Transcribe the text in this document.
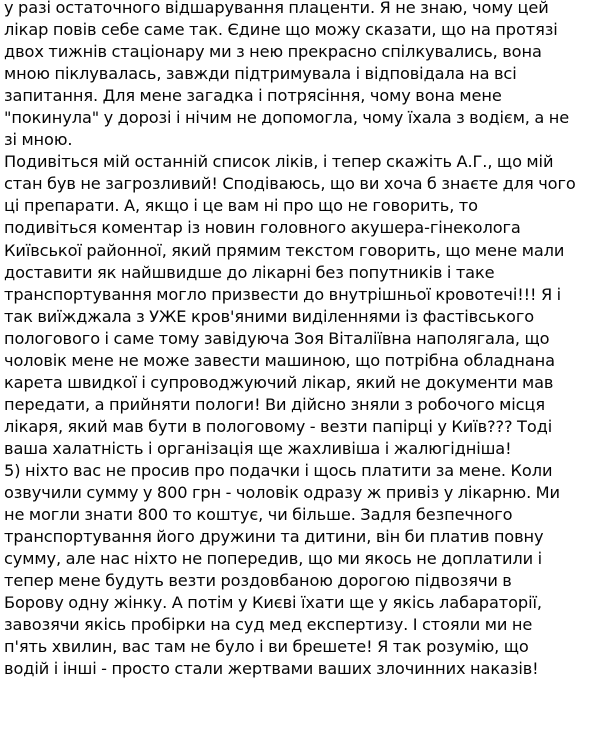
у разі остаточного відшарування плаценти. Я не знаю, чому цей
лікар повів себе саме так. Єдине що можу сказати, що на протязі
двох тижнів стаціонару ми з нею прекрасно спілкувались, вона
мною піклувалась, завжди підтримувала і відповідала на всі
запитання. Для мене загадка і потрясіння, чому вона мене
"покинула" у дорозі і нічим не допомогла, чому їхала з водієм, а не
зі мною.

Подивіться мій останній список ліків, і тепер скажіть А.Г., що мій
стан був не загрозливий! Сподіваюсь, що ви хоча б знаєте для чого
ці препарати. А, якщо і це вам ні про що не говорить, то
подивіться коментар із новин головного акушера-гінеколога
Київської районної, який прямим текстом говорить, що мене мали
доставити як найшвидше до лікарні без попутників і таке
транспортування могло призвести до внутрішньої кровотечі!!! Я і
так виїжджала з УЖЕ кров'яними виділеннями із фастівського
пологового і саме тому завідуюча Зоя Віталіївна наполягала, що
чоловік мене не може завести машиною, що потрібна обладнана
карета швидкої і супроводжуючий лікар, який не документи мав
передати, а прийняти пологи! Ви дійсно зняли з робочого місця
лікаря, який мав бути в пологовому - везти папірці у Київ??? Тоді
ваша халатність і організація ще жахливіша і жалюгідніша!

5) ніхто вас не просив про подачки і щось платити за мене. Коли
озвучили сумму у 800 грн - чоловік одразу ж привіз у лікарню. Ми
не могли знати 800 то коштує, чи більше. Задля безпечного
транспортування його дружини та дитини, він би платив повну
сумму, але нас ніхто не попередив, що ми якось не доплатили і
тепер мене будуть везти роздовбаною дорогою підвозячи в
Борову одну жінку. А потім у Києві їхати ще у якісь лабараторії,
завозячи якісь пробірки на суд мед експертизу. І стояли ми не
п'ять хвилин, вас там не було і ви брешете! Я так розумію, що
водій і інші - просто стали жертвами ваших злочинних наказів!
